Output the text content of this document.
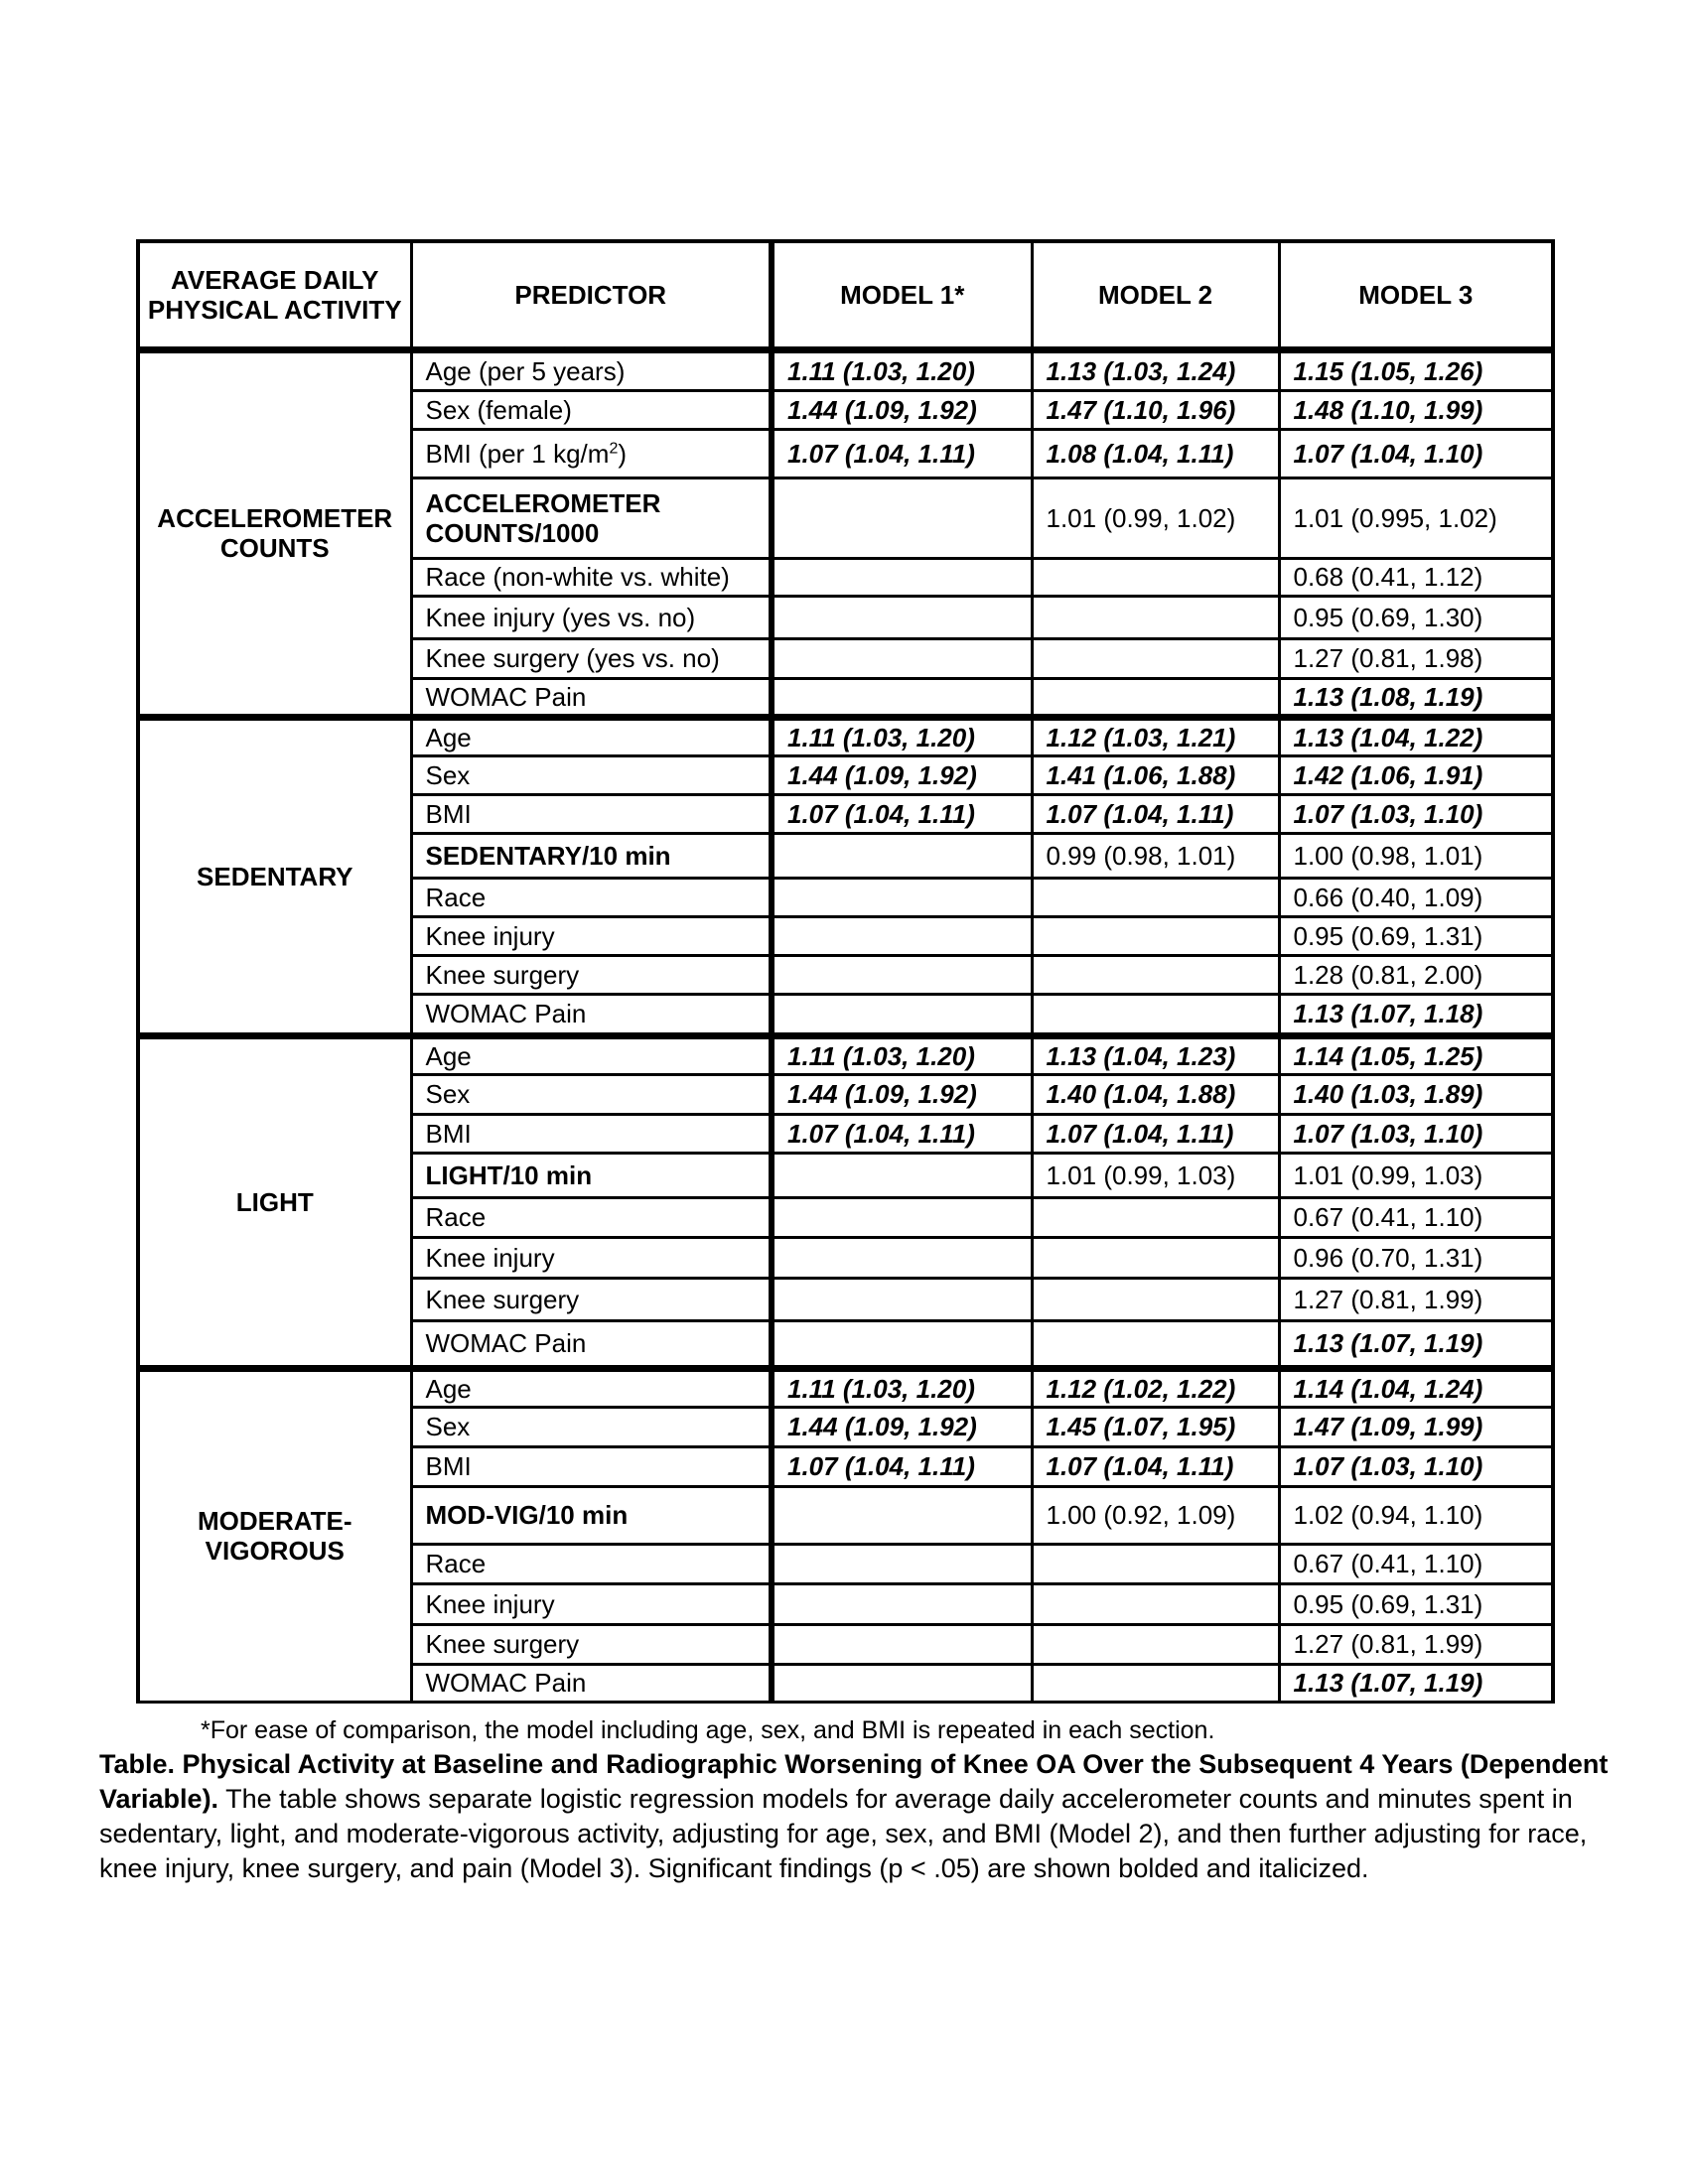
AVERAGE DAILY PHYSICAL ACTIVITY	PREDICTOR	MODEL 1*	MODEL 2	MODEL 3
ACCELEROMETER COUNTS	Age (per 5 years)	1.11 (1.03, 1.20)	1.13 (1.03, 1.24)	1.15 (1.05, 1.26)
	Sex (female)	1.44 (1.09, 1.92)	1.47 (1.10, 1.96)	1.48 (1.10, 1.99)
	BMI (per 1 $kg/m^2$)	1.07 (1.04, 1.11)	1.08 (1.04, 1.11)	1.07 (1.04, 1.10)
	ACCELEROMETER COUNTS/1000		1.01 (0.99, 1.02)	1.01 (0.995, 1.02)
	Race (non-white vs. white)			0.68 (0.41, 1.12)
	Knee injury (yes vs. no)			0.95 (0.69, 1.30)
	Knee surgery (yes vs. no)			1.27 (0.81, 1.98)
	WOMAC Pain			1.13 (1.08, 1.19)
SEDENTARY	Age	1.11 (1.03, 1.20)	1.12 (1.03, 1.21)	1.13 (1.04, 1.22)
	Sex	1.44 (1.09, 1.92)	1.41 (1.06, 1.88)	1.42 (1.06, 1.91)
	BMI	1.07 (1.04, 1.11)	1.07 (1.04, 1.11)	1.07 (1.03, 1.10)
	SEDENTARY/10 min		0.99 (0.98, 1.01)	1.00 (0.98, 1.01)
	Race			0.66 (0.40, 1.09)
	Knee injury			0.95 (0.69, 1.31)
	Knee surgery			1.28 (0.81, 2.00)
	WOMAC Pain			1.13 (1.07, 1.18)
LIGHT	Age	1.11 (1.03, 1.20)	1.13 (1.04, 1.23)	1.14 (1.05, 1.25)
	Sex	1.44 (1.09, 1.92)	1.40 (1.04, 1.88)	1.40 (1.03, 1.89)
	BMI	1.07 (1.04, 1.11)	1.07 (1.04, 1.11)	1.07 (1.03, 1.10)
	LIGHT/10 min		1.01 (0.99, 1.03)	1.01 (0.99, 1.03)
	Race			0.67 (0.41, 1.10)
	Knee injury			0.96 (0.70, 1.31)
	Knee surgery			1.27 (0.81, 1.99)
	WOMAC Pain			1.13 (1.07, 1.19)
MODERATE-VIGOROUS	Age	1.11 (1.03, 1.20)	1.12 (1.02, 1.22)	1.14 (1.04, 1.24)
	Sex	1.44 (1.09, 1.92)	1.45 (1.07, 1.95)	1.47 (1.09, 1.99)
	BMI	1.07 (1.04, 1.11)	1.07 (1.04, 1.11)	1.07 (1.03, 1.10)
	MOD-VIG/10 min		1.00 (0.92, 1.09)	1.02 (0.94, 1.10)
	Race			0.67 (0.41, 1.10)
	Knee injury			0.95 (0.69, 1.31)
	Knee surgery			1.27 (0.81, 1.99)
	WOMAC Pain			1.13 (1.07, 1.19)
*For ease of comparison, the model including age, sex, and BMI is repeated in each section.
Table. Physical Activity at Baseline and Radiographic Worsening of Knee OA Over the Subsequent 4 Years (Dependent Variable). The table shows separate logistic regression models for average daily accelerometer counts and minutes spent in sedentary, light, and moderate-vigorous activity, adjusting for age, sex, and BMI (Model 2), and then further adjusting for race, knee injury, knee surgery, and pain (Model 3). Significant findings (p < .05) are shown bolded and italicized.
